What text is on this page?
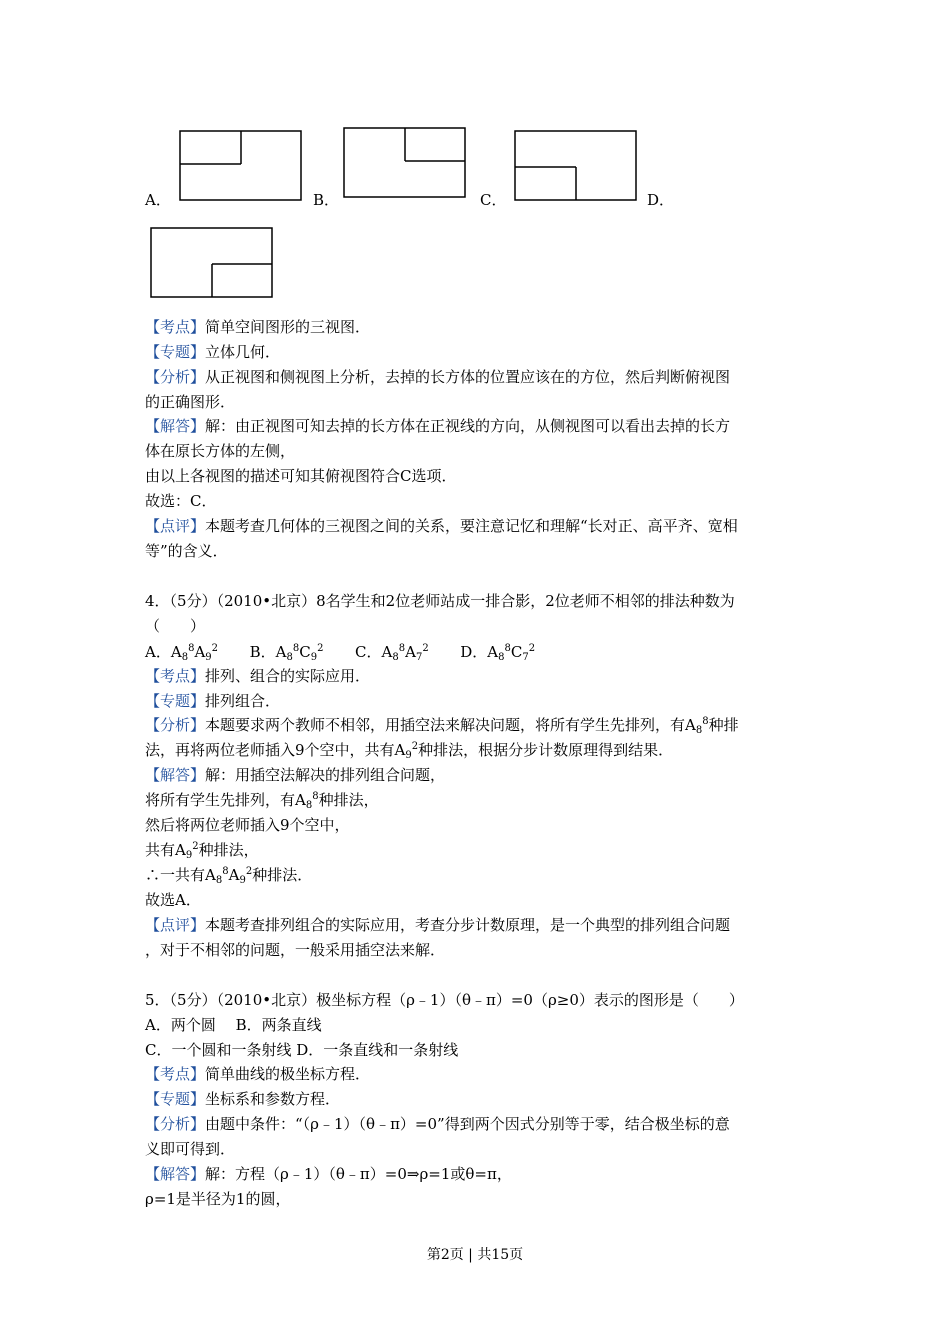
A．	B．	C．	D．
【考点】简单空间图形的三视图．
【专题】立体几何．
【分析】从正视图和侧视图上分析，去掉的长方体的位置应该在的方位，然后判断俯视图
的正确图形．
【解答】解：由正视图可知去掉的长方体在正视线的方向，从侧视图可以看出去掉的长方
体在原长方体的左侧，
由以上各视图的描述可知其俯视图符合C选项．
故选：C．
【点评】本题考查几何体的三视图之间的关系，要注意记忆和理解“长对正、高平齐、宽相
等”的含义．
4．（5分）（2010•北京）8名学生和2位老师站成一排合影，2位老师不相邻的排法种数为
（　　）
A．$A_8^8A_9^2$ B．$A_8^8C_9^2$ C．$A_8^8A_7^2$ D．$A_8^8C_7^2$
【考点】排列、组合的实际应用．
【专题】排列组合．
【分析】本题要求两个教师不相邻，用插空法来解决问题，将所有学生先排列，有$A_8^8$种排
法，再将两位老师插入9个空中，共有$A_9^2$种排法，根据分步计数原理得到结果．
【解答】解：用插空法解决的排列组合问题，
将所有学生先排列，有$A_8^8$种排法，
然后将两位老师插入9个空中，
共有$A_9^2$种排法，
∴一共有$A_8^8A_9^2$种排法．
故选A．
【点评】本题考查排列组合的实际应用，考查分步计数原理，是一个典型的排列组合问题
，对于不相邻的问题，一般采用插空法来解．
5．（5分）（2010•北京）极坐标方程（ρ﹣1）（θ﹣π）=0（ρ≥0）表示的图形是（　　）
A．两个圆　 B．两条直线
C．一个圆和一条射线 D．一条直线和一条射线
【考点】简单曲线的极坐标方程．
【专题】坐标系和参数方程．
【分析】由题中条件：“（ρ﹣1）（θ﹣π）=0”得到两个因式分别等于零，结合极坐标的意
义即可得到．
【解答】解：方程（ρ﹣1）（θ﹣π）=0⇒ρ=1或θ=π，
ρ=1是半径为1的圆，
第2页 | 共15页
